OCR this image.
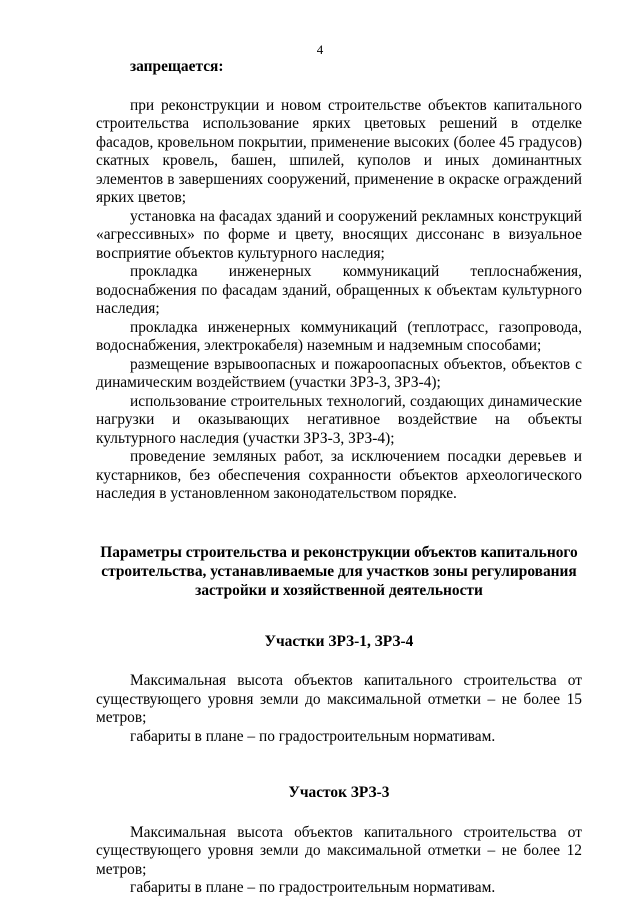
4

запрещается:

при реконструкции и новом строительстве объектов капитального строительства использование ярких цветовых решений в отделке фасадов, кровельном покрытии, применение высоких (более 45 градусов) скатных кровель, башен, шпилей, куполов и иных доминантных элементов в завершениях сооружений, применение в окраске ограждений ярких цветов;

установка на фасадах зданий и сооружений рекламных конструкций «агрессивных» по форме и цвету, вносящих диссонанс в визуальное восприятие объектов культурного наследия;

прокладка инженерных коммуникаций теплоснабжения, водоснабжения по фасадам зданий, обращенных к объектам культурного наследия;

прокладка инженерных коммуникаций (теплотрасс, газопровода, водоснабжения, электрокабеля) наземным и надземным способами;

размещение взрывоопасных и пожароопасных объектов, объектов с динамическим воздействием (участки ЗРЗ-3, ЗРЗ-4);

использование строительных технологий, создающих динамические нагрузки и оказывающих негативное воздействие на объекты культурного наследия (участки ЗРЗ-3, ЗРЗ-4);

проведение земляных работ, за исключением посадки деревьев и кустарников, без обеспечения сохранности объектов археологического наследия в установленном законодательством порядке.

Параметры строительства и реконструкции объектов капитального строительства, устанавливаемые для участков зоны регулирования застройки и хозяйственной деятельности

Участки ЗРЗ-1, ЗРЗ-4

Максимальная высота объектов капитального строительства от существующего уровня земли до максимальной отметки – не более 15 метров;

габариты в плане – по градостроительным нормативам.

Участок ЗРЗ-3

Максимальная высота объектов капитального строительства от существующего уровня земли до максимальной отметки – не более 12 метров;

габариты в плане – по градостроительным нормативам.
